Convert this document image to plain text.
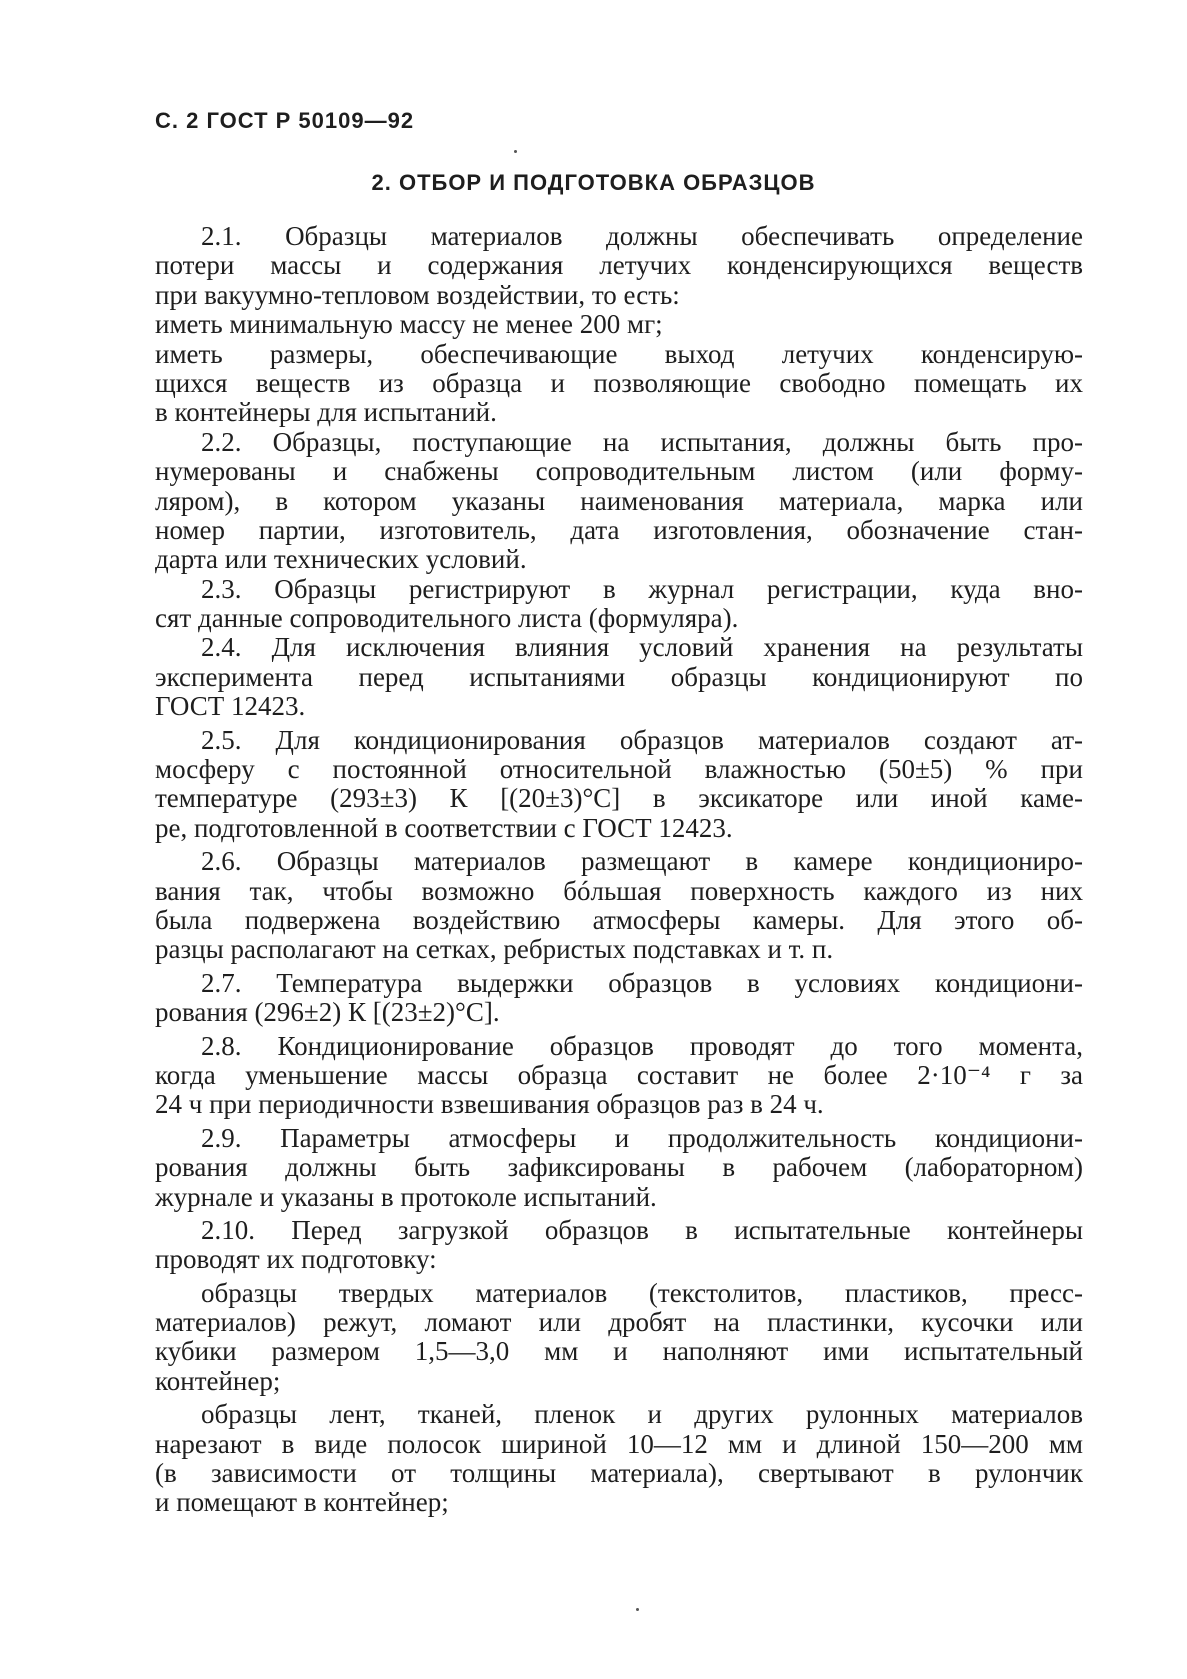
С. 2 ГОСТ Р 50109—92
2. ОТБОР И ПОДГОТОВКА ОБРАЗЦОВ
2.1. Образцы материалов должны обеспечивать определение
потери массы и содержания летучих конденсирующихся веществ
при вакуумно-тепловом воздействии, то есть:
иметь минимальную массу не менее 200 мг;
иметь размеры, обеспечивающие выход летучих конденсирую-
щихся веществ из образца и позволяющие свободно помещать их
в контейнеры для испытаний.
2.2. Образцы, поступающие на испытания, должны быть про-
нумерованы и снабжены сопроводительным листом (или форму-
ляром), в котором указаны наименования материала, марка или
номер партии, изготовитель, дата изготовления, обозначение стан-
дарта или технических условий.
2.3. Образцы регистрируют в журнал регистрации, куда вно-
сят данные сопроводительного листа (формуляра).
2.4. Для исключения влияния условий хранения на результаты
эксперимента перед испытаниями образцы кондиционируют по
ГОСТ 12423.
2.5. Для кондиционирования образцов материалов создают ат-
мосферу с постоянной относительной влажностью (50±5) % при
температуре (293±3) К [(20±3)°С] в эксикаторе или иной каме-
ре, подготовленной в соответствии с ГОСТ 12423.
2.6. Образцы материалов размещают в камере кондициониро-
вания так, чтобы возможно бóльшая поверхность каждого из них
была подвержена воздействию атмосферы камеры. Для этого об-
разцы располагают на сетках, ребристых подставках и т. п.
2.7. Температура выдержки образцов в условиях кондициони-
рования (296±2) К [(23±2)°С].
2.8. Кондиционирование образцов проводят до того момента,
когда уменьшение массы образца составит не более 2·10⁻⁴ г за
24 ч при периодичности взвешивания образцов раз в 24 ч.
2.9. Параметры атмосферы и продолжительность кондициони-
рования должны быть зафиксированы в рабочем (лабораторном)
журнале и указаны в протоколе испытаний.
2.10. Перед загрузкой образцов в испытательные контейнеры
проводят их подготовку:
образцы твердых материалов (текстолитов, пластиков, пресс-
материалов) режут, ломают или дробят на пластинки, кусочки или
кубики размером 1,5—3,0 мм и наполняют ими испытательный
контейнер;
образцы лент, тканей, пленок и других рулонных материалов
нарезают в виде полосок шириной 10—12 мм и длиной 150—200 мм
(в зависимости от толщины материала), свертывают в рулончик
и помещают в контейнер;
